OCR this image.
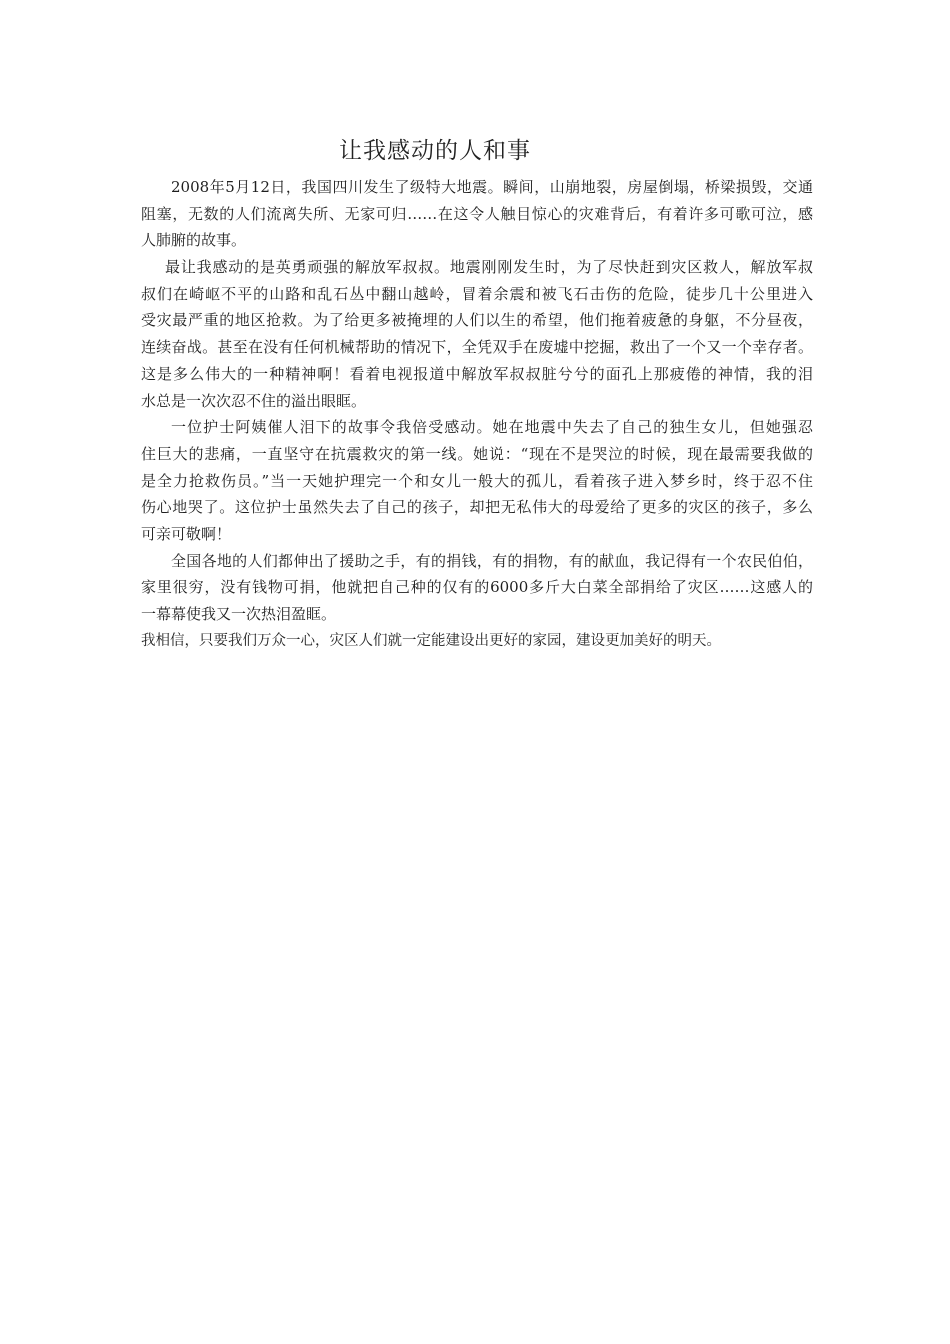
让我感动的人和事
2008年5月12日，我国四川发生了级特大地震。瞬间，山崩地裂，房屋倒塌，桥梁损毁，交通
阻塞，无数的人们流离失所、无家可归……在这令人触目惊心的灾难背后，有着许多可歌可泣，感
人肺腑的故事。
最让我感动的是英勇顽强的解放军叔叔。地震刚刚发生时，为了尽快赶到灾区救人，解放军叔
叔们在崎岖不平的山路和乱石丛中翻山越岭，冒着余震和被飞石击伤的危险，徒步几十公里进入
受灾最严重的地区抢救。为了给更多被掩埋的人们以生的希望，他们拖着疲惫的身躯，不分昼夜，
连续奋战。甚至在没有任何机械帮助的情况下，全凭双手在废墟中挖掘，救出了一个又一个幸存者。
这是多么伟大的一种精神啊！看着电视报道中解放军叔叔脏兮兮的面孔上那疲倦的神情，我的泪
水总是一次次忍不住的溢出眼眶。
一位护士阿姨催人泪下的故事令我倍受感动。她在地震中失去了自己的独生女儿，但她强忍
住巨大的悲痛，一直坚守在抗震救灾的第一线。她说：“现在不是哭泣的时候，现在最需要我做的
是全力抢救伤员。”当一天她护理完一个和女儿一般大的孤儿，看着孩子进入梦乡时，终于忍不住
伤心地哭了。这位护士虽然失去了自己的孩子，却把无私伟大的母爱给了更多的灾区的孩子，多么
可亲可敬啊！
全国各地的人们都伸出了援助之手，有的捐钱，有的捐物，有的献血，我记得有一个农民伯伯，
家里很穷，没有钱物可捐，他就把自己种的仅有的6000多斤大白菜全部捐给了灾区……这感人的
一幕幕使我又一次热泪盈眶。
我相信，只要我们万众一心，灾区人们就一定能建设出更好的家园，建设更加美好的明天。
